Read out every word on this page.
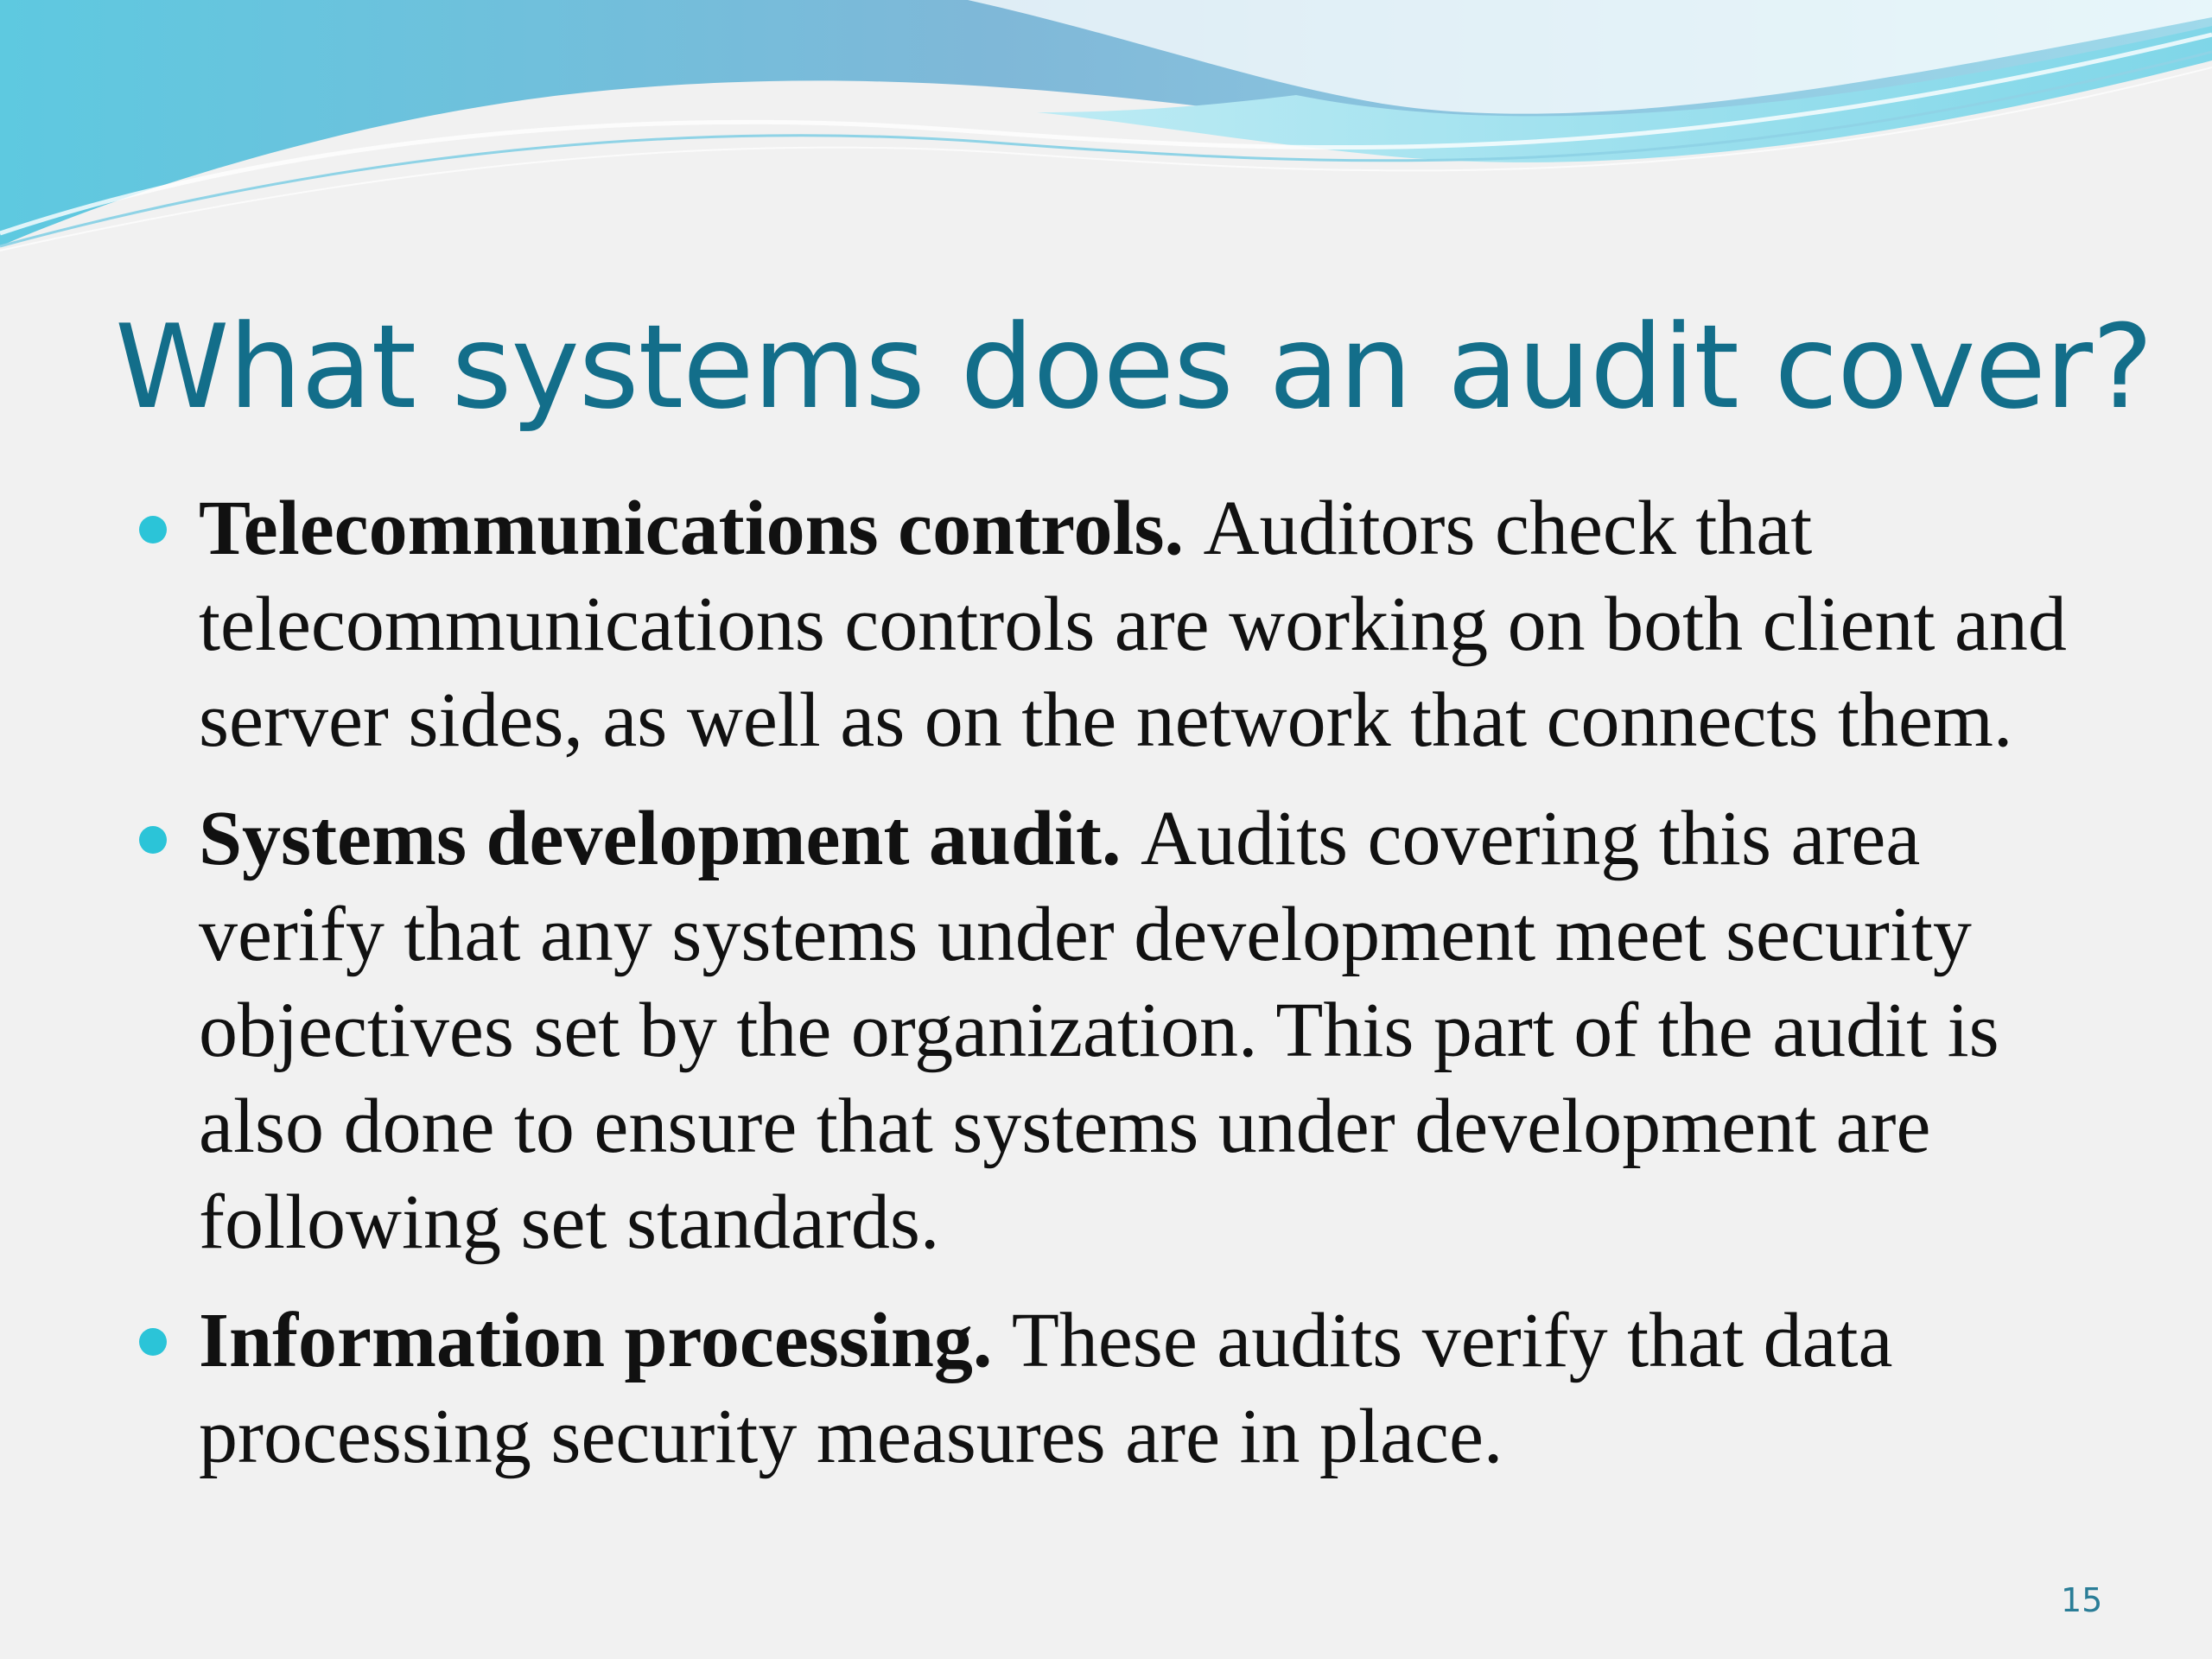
What systems does an audit cover?
Telecommunications controls. Auditors check that telecommunications controls are working on both client and server sides, as well as on the network that connects them.
Systems development audit. Audits covering this area verify that any systems under development meet security objectives set by the organization. This part of the audit is also done to ensure that systems under development are following set standards.
Information processing. These audits verify that data processing security measures are in place.
15
